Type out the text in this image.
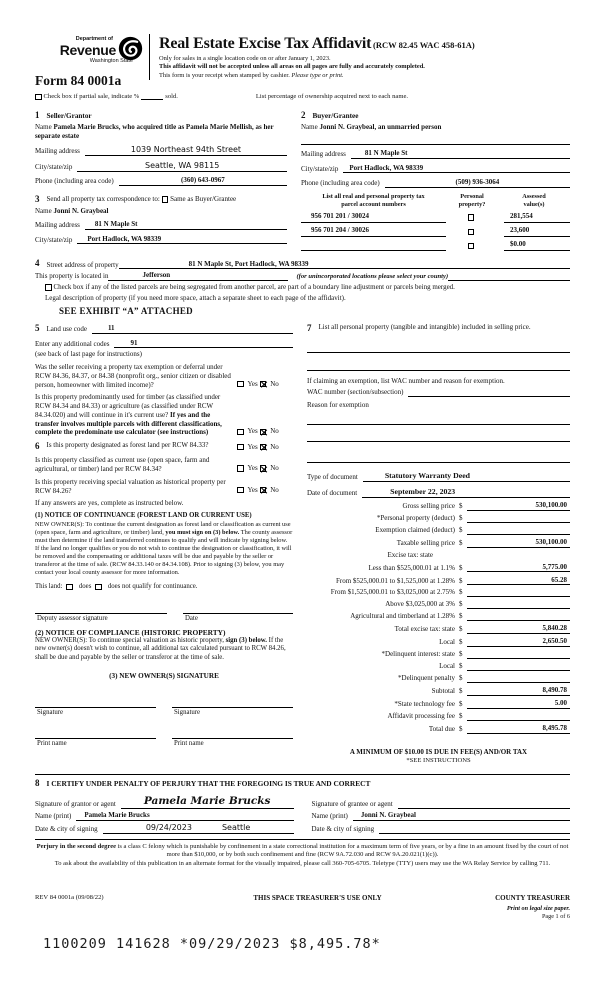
Department of
Revenue
Washington State
Form 84 0001a
Real Estate Excise Tax Affidavit (RCW 82.45 WAC 458-61A)
Only for sales in a single location code on or after January 1, 2023.
This affidavit will not be accepted unless all areas on all pages are fully and accurately completed.
This form is your receipt when stamped by cashier. Please type or print.
Check box if partial sale, indicate %	sold.	List percentage of ownership acquired next to each name.
1 Seller/Grantor
Name Pamela Marie Brucks, who acquired title as Pamela Marie Mellish, as her separate estate
Mailing address	1039 Northeast 94th Street
City/state/zip	Seattle, WA 98115
Phone (including area code)	(360) 643-0967
3 Send all property tax correspondence to:
Same as Buyer/Grantee
Name Jonni N. Graybeal
Mailing address	81 N Maple St
City/state/zip	Port Hadlock, WA 98339
2 Buyer/Grantee
Name Jonni N. Graybeal, an unmarried person
Mailing address	81 N Maple St
City/state/zip	Port Hadlock, WA 98339
Phone (including area code)	(509) 936-3064
List all real and personal property tax
parcel account numbers
Personal
property?
Assessed
value(s)
956 701 201 / 30024	281,554
956 701 204 / 30026	23,600
$0.00
4 Street address of property	81 N Maple St, Port Hadlock, WA 98339
This property is located in	Jefferson	(for unincorporated locations please select your county)
Check box if any of the listed parcels are being segregated from another parcel, are part of a boundary line adjustment or parcels being merged.
Legal description of property (if you need more space, attach a separate sheet to each page of the affidavit).
SEE EXHIBIT “A” ATTACHED
5 Land use code	11
Enter any additional codes	91
(see back of last page for instructions)
Was the seller receiving a property tax exemption or deferral under RCW 84.36, 84.37, or 84.38 (nonprofit org., senior citizen or disabled person, homeowner with limited income)?	Yes No
Is this property predominantly used for timber (as classified under RCW 84.34 and 84.33) or agriculture (as classified under RCW 84.34.020) and will continue in it's current use? If yes and the transfer involves multiple parcels with different classifications, complete the predominate use calculator (see instructions)	Yes No
6 Is this property designated as forest land per RCW 84.33?	Yes No
Is this property classified as current use (open space, farm and agricultural, or timber) land per RCW 84.34?	Yes No
Is this property receiving special valuation as historical property per RCW 84.26?	Yes No
If any answers are yes, complete as instructed below.
(1) NOTICE OF CONTINUANCE (FOREST LAND OR CURRENT USE)
NEW OWNER(S): To continue the current designation as forest land or classification as current use (open space, farm and agriculture, or timber) land, you must sign on (3) below. The county assessor must then determine if the land transferred continues to qualify and will indicate by signing below. If the land no longer qualifies or you do not wish to continue the designation or classification, it will be removed and the compensating or additional taxes will be due and payable by the seller or transferor at the time of sale. (RCW 84.33.140 or 84.34.108). Prior to signing (3) below, you may contact your local county assessor for more information.
This land: does does not qualify for continuance.
Deputy assessor signature	Date
(2) NOTICE OF COMPLIANCE (HISTORIC PROPERTY)
NEW OWNER(S): To continue special valuation as historic property, sign (3) below. If the new owner(s) doesn't wish to continue, all additional tax calculated pursuant to RCW 84.26, shall be due and payable by the seller or transferor at the time of sale.
(3) NEW OWNER(S) SIGNATURE
Signature	Signature
Print name	Print name
7 List all personal property (tangible and intangible) included in selling price.
If claiming an exemption, list WAC number and reason for exemption.
WAC number (section/subsection)
Reason for exemption
Type of document	Statutory Warranty Deed
Date of document	September 22, 2023
Gross selling price $	530,100.00
*Personal property (deduct) $
Exemption claimed (deduct) $
Taxable selling price $	530,100.00
Excise tax: state
Less than $525,000.01 at 1.1% $	5,775.00
From $525,000.01 to $1,525,000 at 1.28% $	65.28
From $1,525,000.01 to $3,025,000 at 2.75% $
Above $3,025,000 at 3% $
Agricultural and timberland at 1.28% $
Total excise tax: state $	5,840.28
Local $	2,650.50
*Delinquent interest: state $
Local $
*Delinquent penalty $
Subtotal $	8,490.78
*State technology fee $	5.00
Affidavit processing fee $
Total due $	8,495.78
A MINIMUM OF $10.00 IS DUE IN FEE(S) AND/OR TAX
*SEE INSTRUCTIONS
8 I CERTIFY UNDER PENALTY OF PERJURY THAT THE FOREGOING IS TRUE AND CORRECT
Signature of grantor or agent	Pamela Marie Brucks	Signature of grantee or agent
Name (print)	Pamela Marie Brucks	Name (print)	Jonni N. Graybeal
Date & city of signing	09/24/2023	Seattle	Date & city of signing
Perjury in the second degree is a class C felony which is punishable by confinement in a state correctional institution for a maximum term of five years, or by a fine in an amount fixed by the court of not more than $10,000, or by both such confinement and fine (RCW 9A.72.030 and RCW 9A.20.021(1)(c)).
To ask about the availability of this publication in an alternate format for the visually impaired, please call 360-705-6705. Teletype (TTY) users may use the WA Relay Service by calling 711.
REV 84 0001a (09/08/22)	THIS SPACE TREASURER'S USE ONLY	COUNTY TREASURER
Print on legal size paper.
Page 1 of 6
1100209 141628 *09/29/2023 $8,495.78*
